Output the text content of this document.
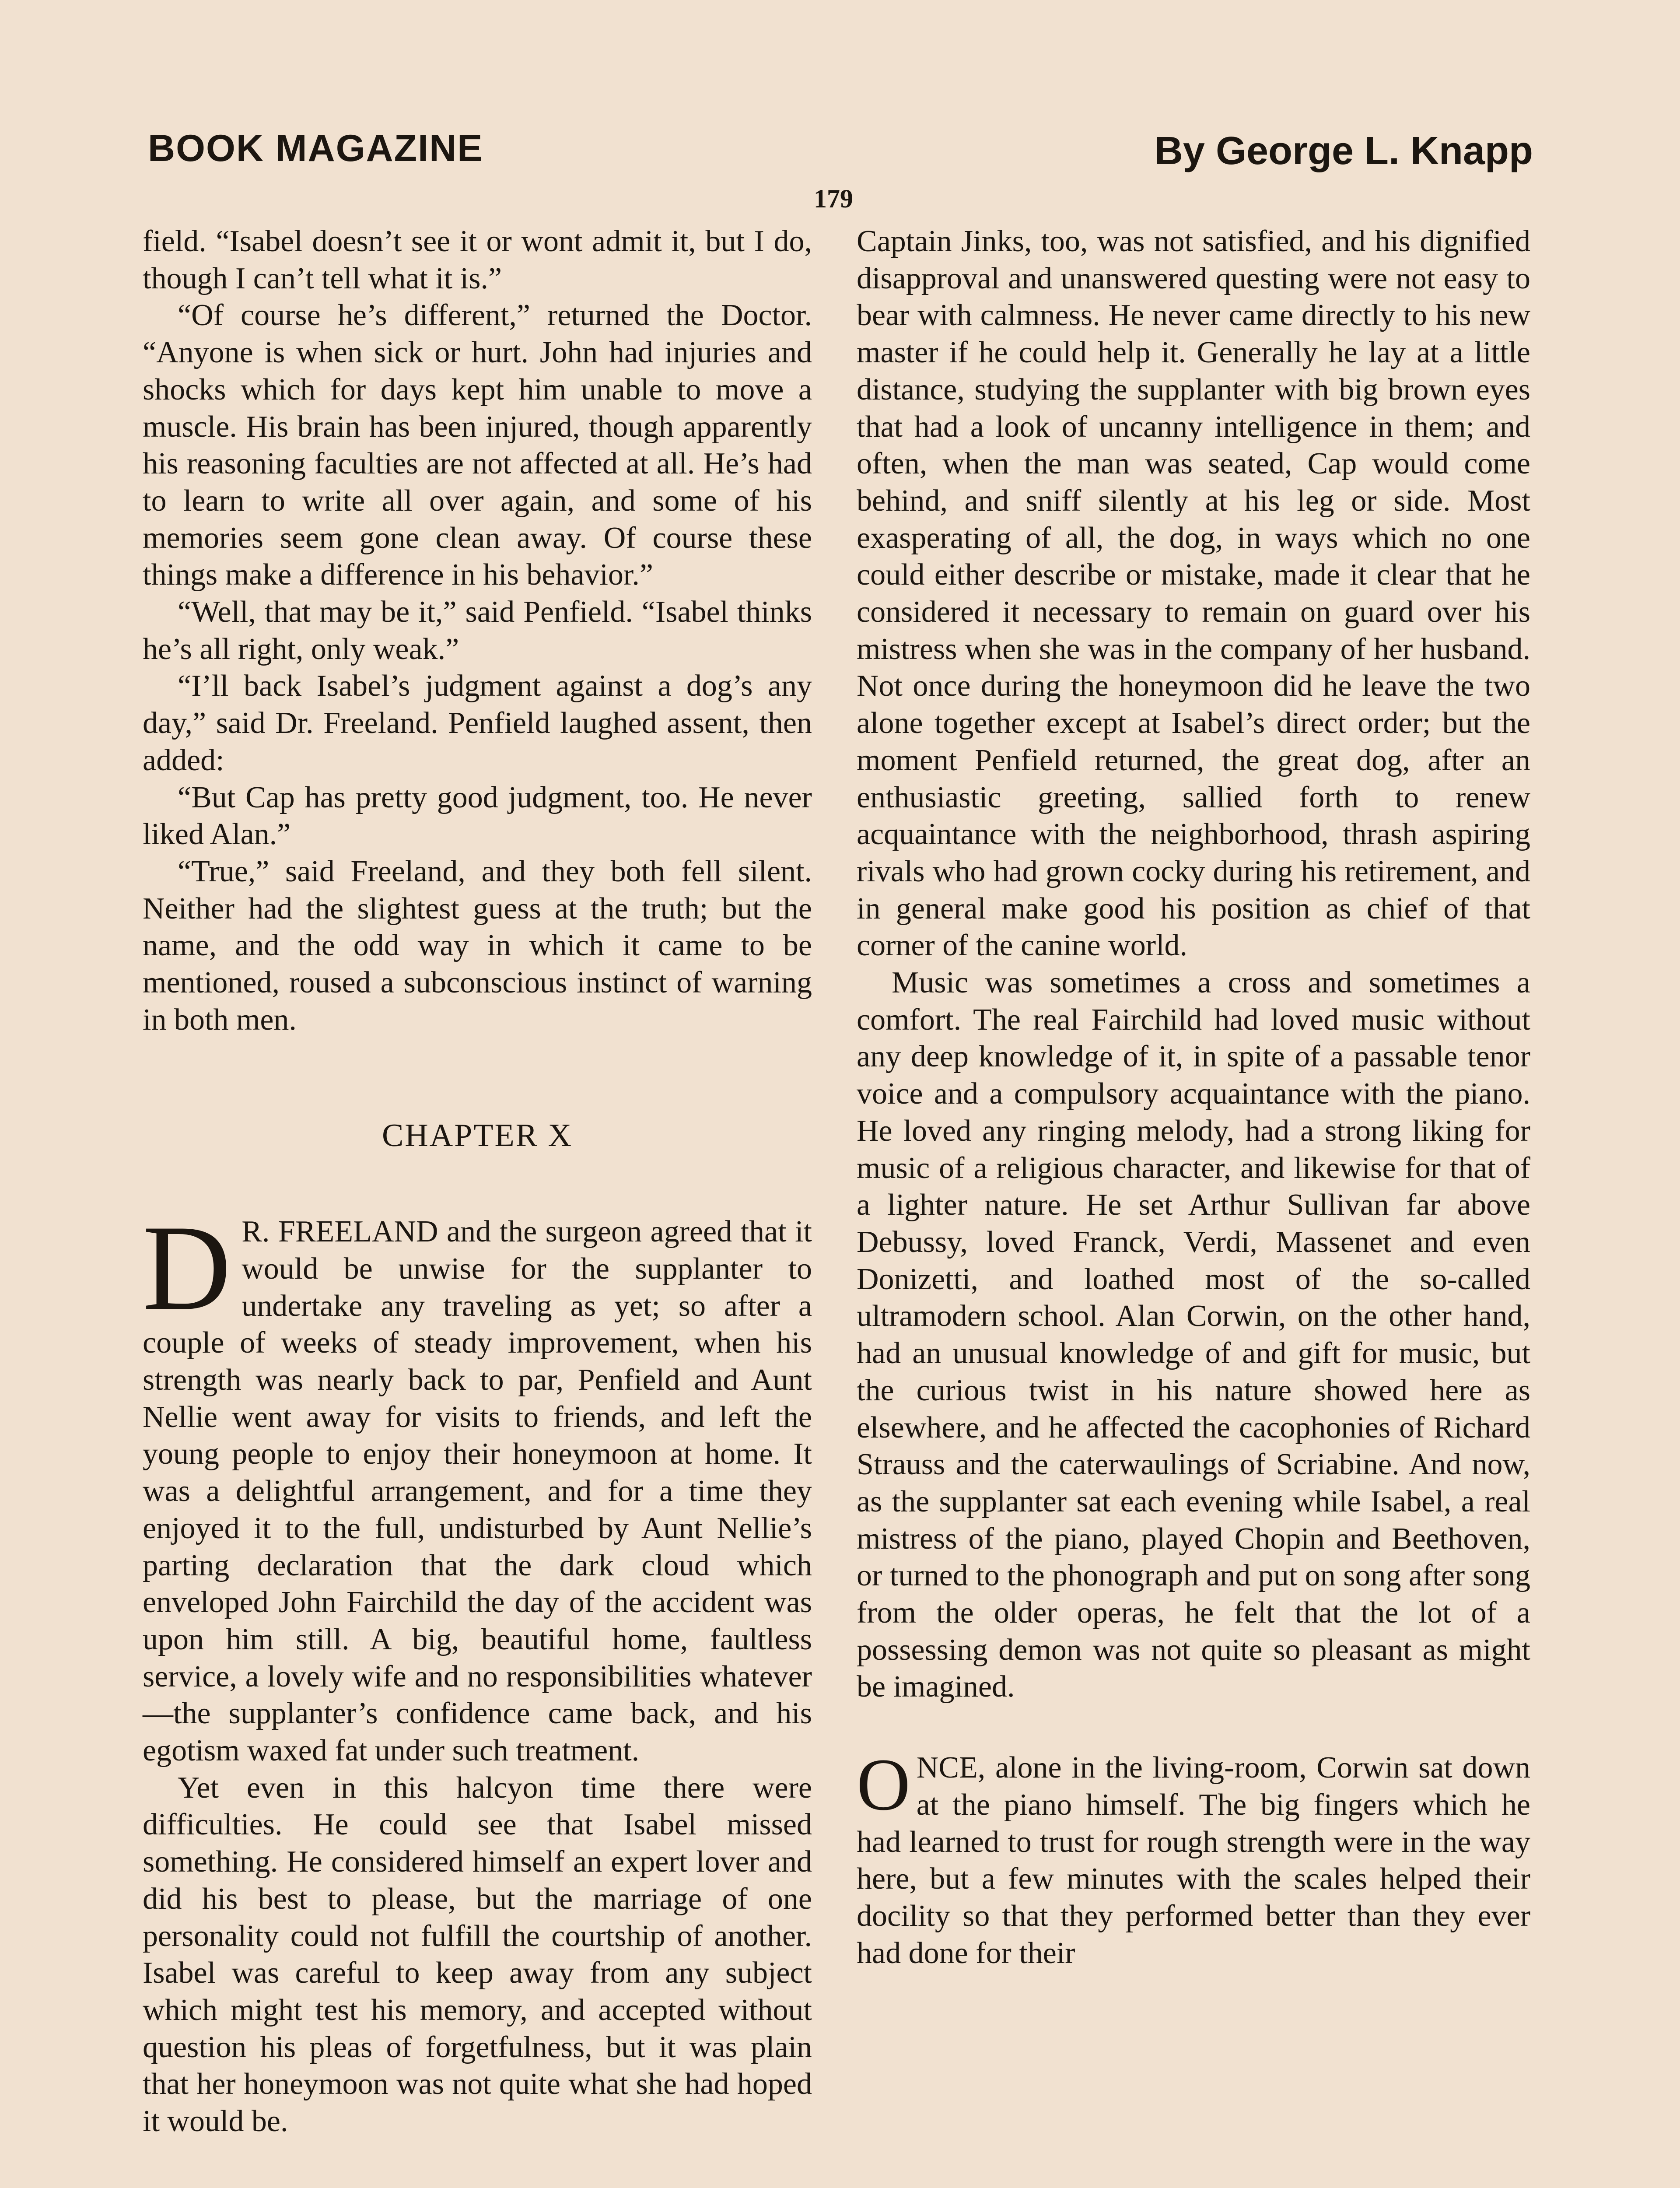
BOOK MAGAZINE	By George L. Knapp
179

field. “Isabel doesn’t see it or wont admit it, but I do, though I can’t tell what it is.”

“Of course he’s different,” returned the Doctor. “Anyone is when sick or hurt. John had injuries and shocks which for days kept him unable to move a muscle. His brain has been injured, though apparently his reasoning faculties are not affected at all. He’s had to learn to write all over again, and some of his memories seem gone clean away. Of course these things make a difference in his behavior.”

“Well, that may be it,” said Penfield. “Isabel thinks he’s all right, only weak.”

“I’ll back Isabel’s judgment against a dog’s any day,” said Dr. Freeland. Penfield laughed assent, then added:

“But Cap has pretty good judgment, too. He never liked Alan.”

“True,” said Freeland, and they both fell silent. Neither had the slightest guess at the truth; but the name, and the odd way in which it came to be mentioned, roused a subconscious instinct of warning in both men.

CHAPTER X

D R. FREELAND and the surgeon agreed that it would be unwise for the supplanter to undertake any traveling as yet; so after a couple of weeks of steady improvement, when his strength was nearly back to par, Penfield and Aunt Nellie went away for visits to friends, and left the young people to enjoy their honeymoon at home. It was a delightful arrangement, and for a time they enjoyed it to the full, undisturbed by Aunt Nellie’s parting declaration that the dark cloud which enveloped John Fairchild the day of the accident was upon him still. A big, beautiful home, faultless service, a lovely wife and no responsibilities whatever—the supplanter’s confidence came back, and his egotism waxed fat under such treatment.

Yet even in this halcyon time there were difficulties. He could see that Isabel missed something. He considered himself an expert lover and did his best to please, but the marriage of one personality could not fulfill the courtship of another. Isabel was careful to keep away from any subject which might test his memory, and accepted without question his pleas of forgetfulness, but it was plain that her honeymoon was not quite what she had hoped it would be.

Captain Jinks, too, was not satisfied, and his dignified disapproval and unanswered questing were not easy to bear with calmness. He never came directly to his new master if he could help it. Generally he lay at a little distance, studying the supplanter with big brown eyes that had a look of uncanny intelligence in them; and often, when the man was seated, Cap would come behind, and sniff silently at his leg or side. Most exasperating of all, the dog, in ways which no one could either describe or mistake, made it clear that he considered it necessary to remain on guard over his mistress when she was in the company of her husband. Not once during the honeymoon did he leave the two alone together except at Isabel’s direct order; but the moment Penfield returned, the great dog, after an enthusiastic greeting, sallied forth to renew acquaintance with the neighborhood, thrash aspiring rivals who had grown cocky during his retirement, and in general make good his position as chief of that corner of the canine world.

Music was sometimes a cross and sometimes a comfort. The real Fairchild had loved music without any deep knowledge of it, in spite of a passable tenor voice and a compulsory acquaintance with the piano. He loved any ringing melody, had a strong liking for music of a religious character, and likewise for that of a lighter nature. He set Arthur Sullivan far above Debussy, loved Franck, Verdi, Massenet and even Donizetti, and loathed most of the so-called ultramodern school. Alan Corwin, on the other hand, had an unusual knowledge of and gift for music, but the curious twist in his nature showed here as elsewhere, and he affected the cacophonies of Richard Strauss and the caterwaulings of Scriabine. And now, as the supplanter sat each evening while Isabel, a real mistress of the piano, played Chopin and Beethoven, or turned to the phonograph and put on song after song from the older operas, he felt that the lot of a possessing demon was not quite so pleasant as might be imagined.

ONCE, alone in the living-room, Corwin sat down at the piano himself. The big fingers which he had learned to trust for rough strength were in the way here, but a few minutes with the scales helped their docility so that they performed better than they ever had done for their
